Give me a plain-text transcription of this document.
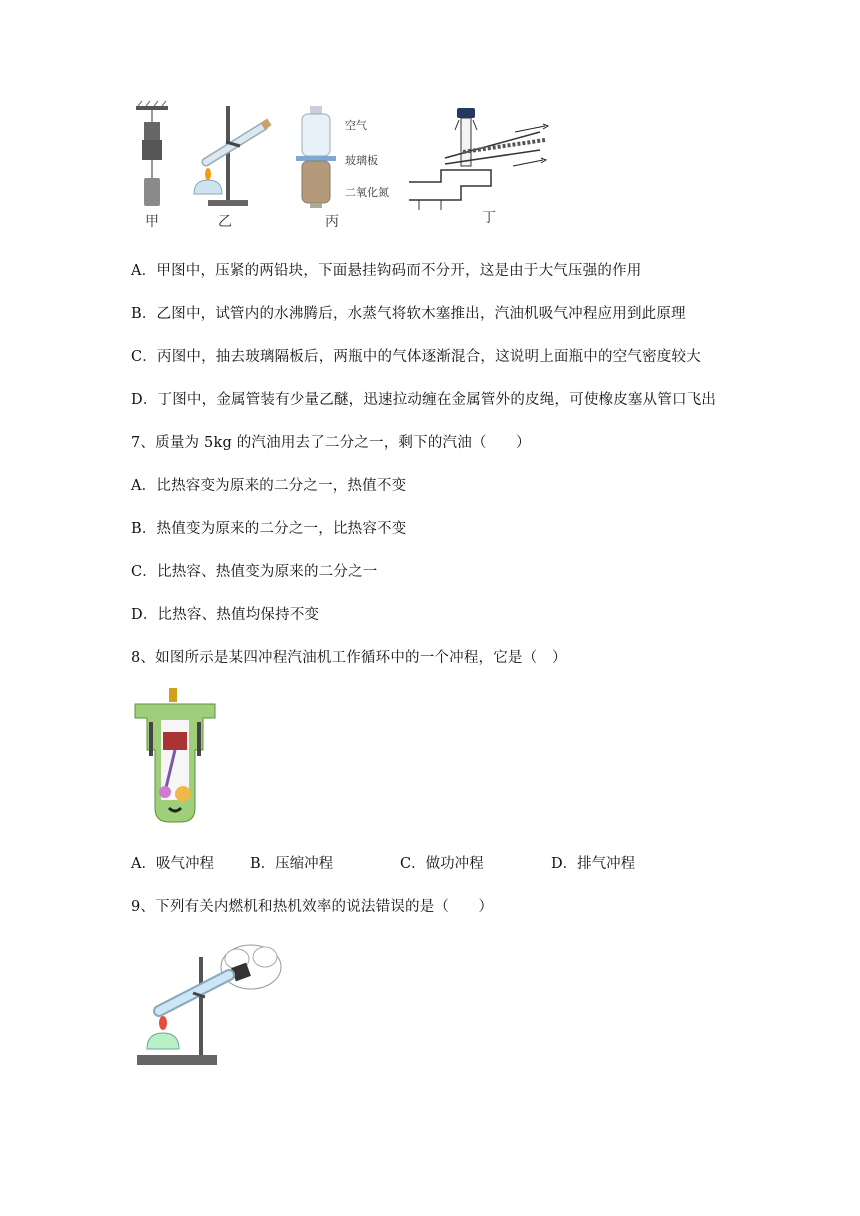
甲	乙
空气
玻璃板
二氧化氮
丙	丁
A．甲图中，压紧的两铅块，下面悬挂钩码而不分开，这是由于大气压强的作用
B．乙图中，试管内的水沸腾后，水蒸气将软木塞推出，汽油机吸气冲程应用到此原理
C．丙图中，抽去玻璃隔板后，两瓶中的气体逐渐混合，这说明上面瓶中的空气密度较大
D．丁图中，金属管装有少量乙醚，迅速拉动缠在金属管外的皮绳，可使橡皮塞从管口飞出
7、质量为 5kg 的汽油用去了二分之一，剩下的汽油（　　）
A．比热容变为原来的二分之一，热值不变
B．热值变为原来的二分之一，比热容不变
C．比热容、热值变为原来的二分之一
D．比热容、热值均保持不变
8、如图所示是某四冲程汽油机工作循环中的一个冲程，它是（　）
A．吸气冲程 B．压缩冲程	C．做功冲程	D．排气冲程
9、下列有关内燃机和热机效率的说法错误的是（　　）
